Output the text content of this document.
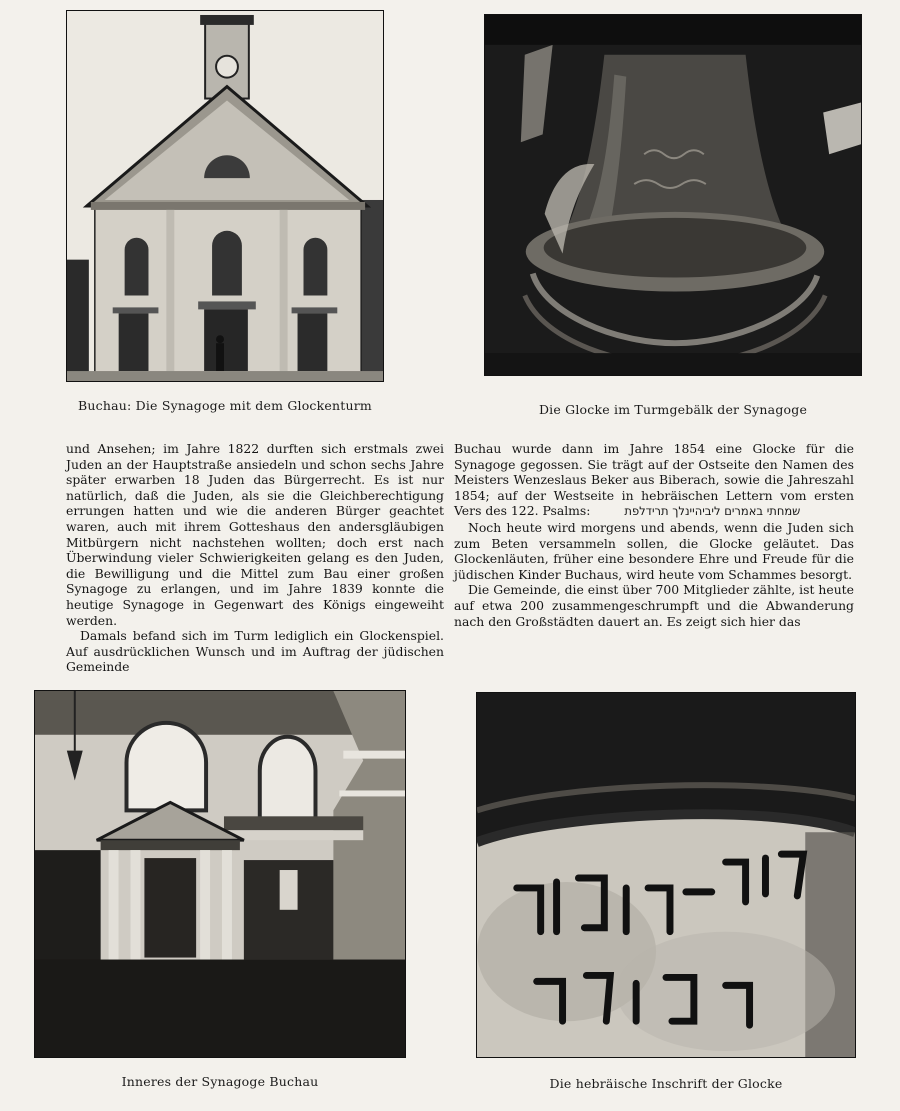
Buchau: Die Synagoge mit dem Glockenturm	Die Glocke im Turmgebälk der Synagoge

und Ansehen; im Jahre 1822 durften sich erstmals zwei Juden an der Hauptstraße ansiedeln und schon sechs Jahre später erwarben 18 Juden das Bürgerrecht. Es ist nur natürlich, daß die Juden, als sie die Gleichberechtigung errungen hatten und wie die anderen Bürger geachtet waren, auch mit ihrem Gotteshaus den andersgläubigen Mitbürgern nicht nachstehen wollten; doch erst nach Überwindung vieler Schwierigkeiten gelang es den Juden, die Bewilligung und die Mittel zum Bau einer großen Synagoge zu erlangen, und im Jahre 1839 konnte die heutige Synagoge in Gegenwart des Königs eingeweiht werden.

Damals befand sich im Turm lediglich ein Glockenspiel. Auf ausdrücklichen Wunsch und im Auftrag der jüdischen Gemeinde

Buchau wurde dann im Jahre 1854 eine Glocke für die Synagoge gegossen. Sie trägt auf der Ostseite den Namen des Meisters Wenzeslaus Beker aus Biberach, sowie die Jahreszahl 1854; auf der Westseite in hebräischen Lettern vom ersten Vers des 122. Psalms:	שמחתי באמרים ליביהיינלך תרידלפת

Noch heute wird morgens und abends, wenn die Juden sich zum Beten versammeln sollen, die Glocke geläutet. Das Glockenläuten, früher eine besondere Ehre und Freude für die jüdischen Kinder Buchaus, wird heute vom Schammes besorgt.

Die Gemeinde, die einst über 700 Mitglieder zählte, ist heute auf etwa 200 zusammengeschrumpft und die Abwanderung nach den Großstädten dauert an. Es zeigt sich hier das

Inneres der Synagoge Buchau	Die hebräische Inschrift der Glocke
